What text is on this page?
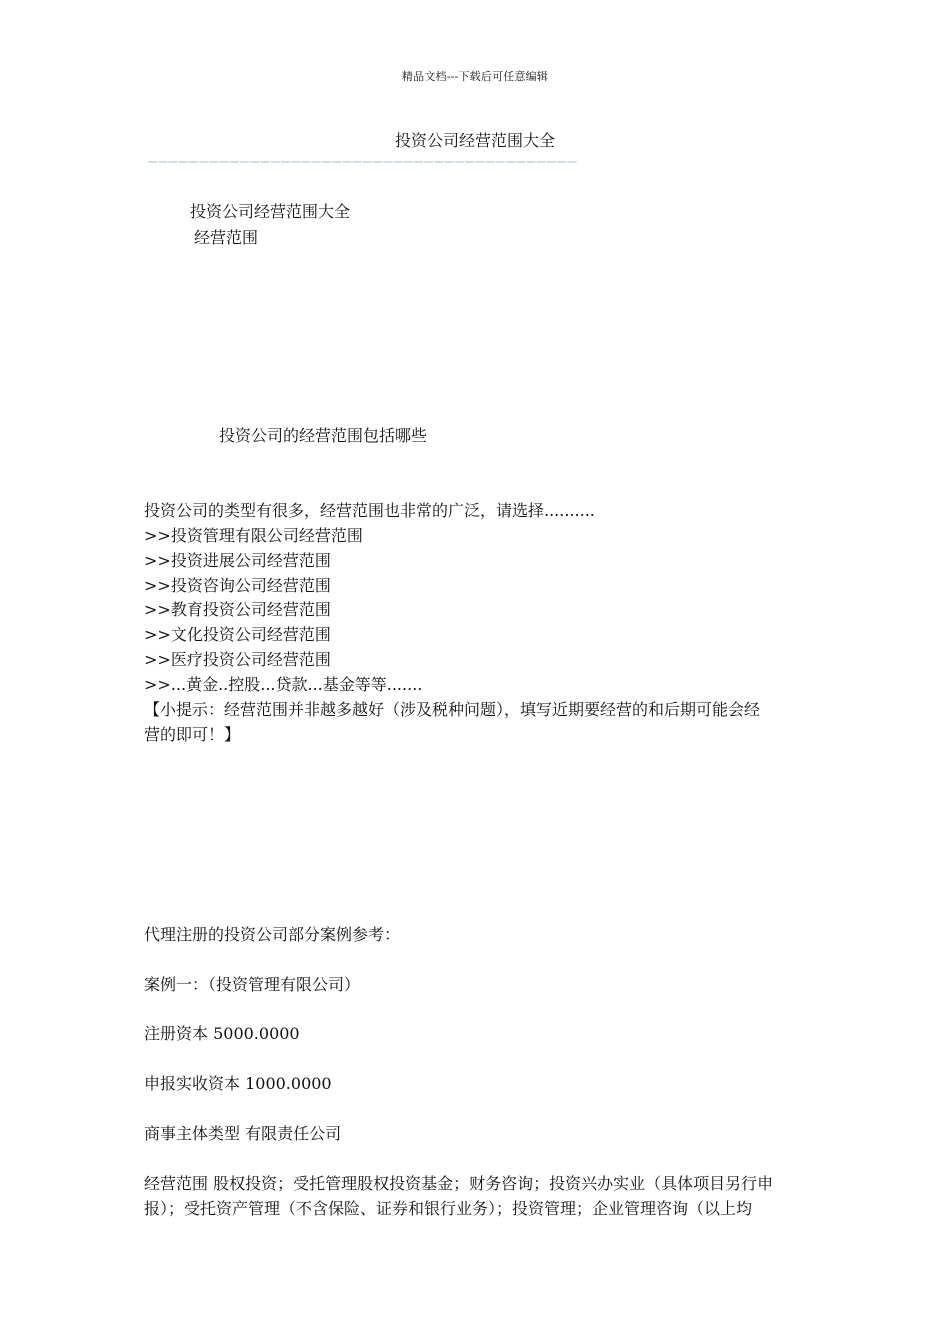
精品文档---下载后可任意编辑
投资公司经营范围大全
——————————————————————————————————————————
投资公司经营范围大全
经营范围
投资公司的经营范围包括哪些
投资公司的类型有很多，经营范围也非常的广泛，请选择..........
>>投资管理有限公司经营范围
>>投资进展公司经营范围
>>投资咨询公司经营范围
>>教育投资公司经营范围
>>文化投资公司经营范围
>>医疗投资公司经营范围
>>...黄金..控股...贷款...基金等等.......
【小提示：经营范围并非越多越好（涉及税种问题），填写近期要经营的和后期可能会经
营的即可！】
代理注册的投资公司部分案例参考：
案例一：（投资管理有限公司）
注册资本 5000.0000
申报实收资本 1000.0000
商事主体类型 有限责任公司
经营范围 股权投资；受托管理股权投资基金；财务咨询；投资兴办实业（具体项目另行申
报）；受托资产管理（不含保险、证券和银行业务）；投资管理；企业管理咨询（以上均
